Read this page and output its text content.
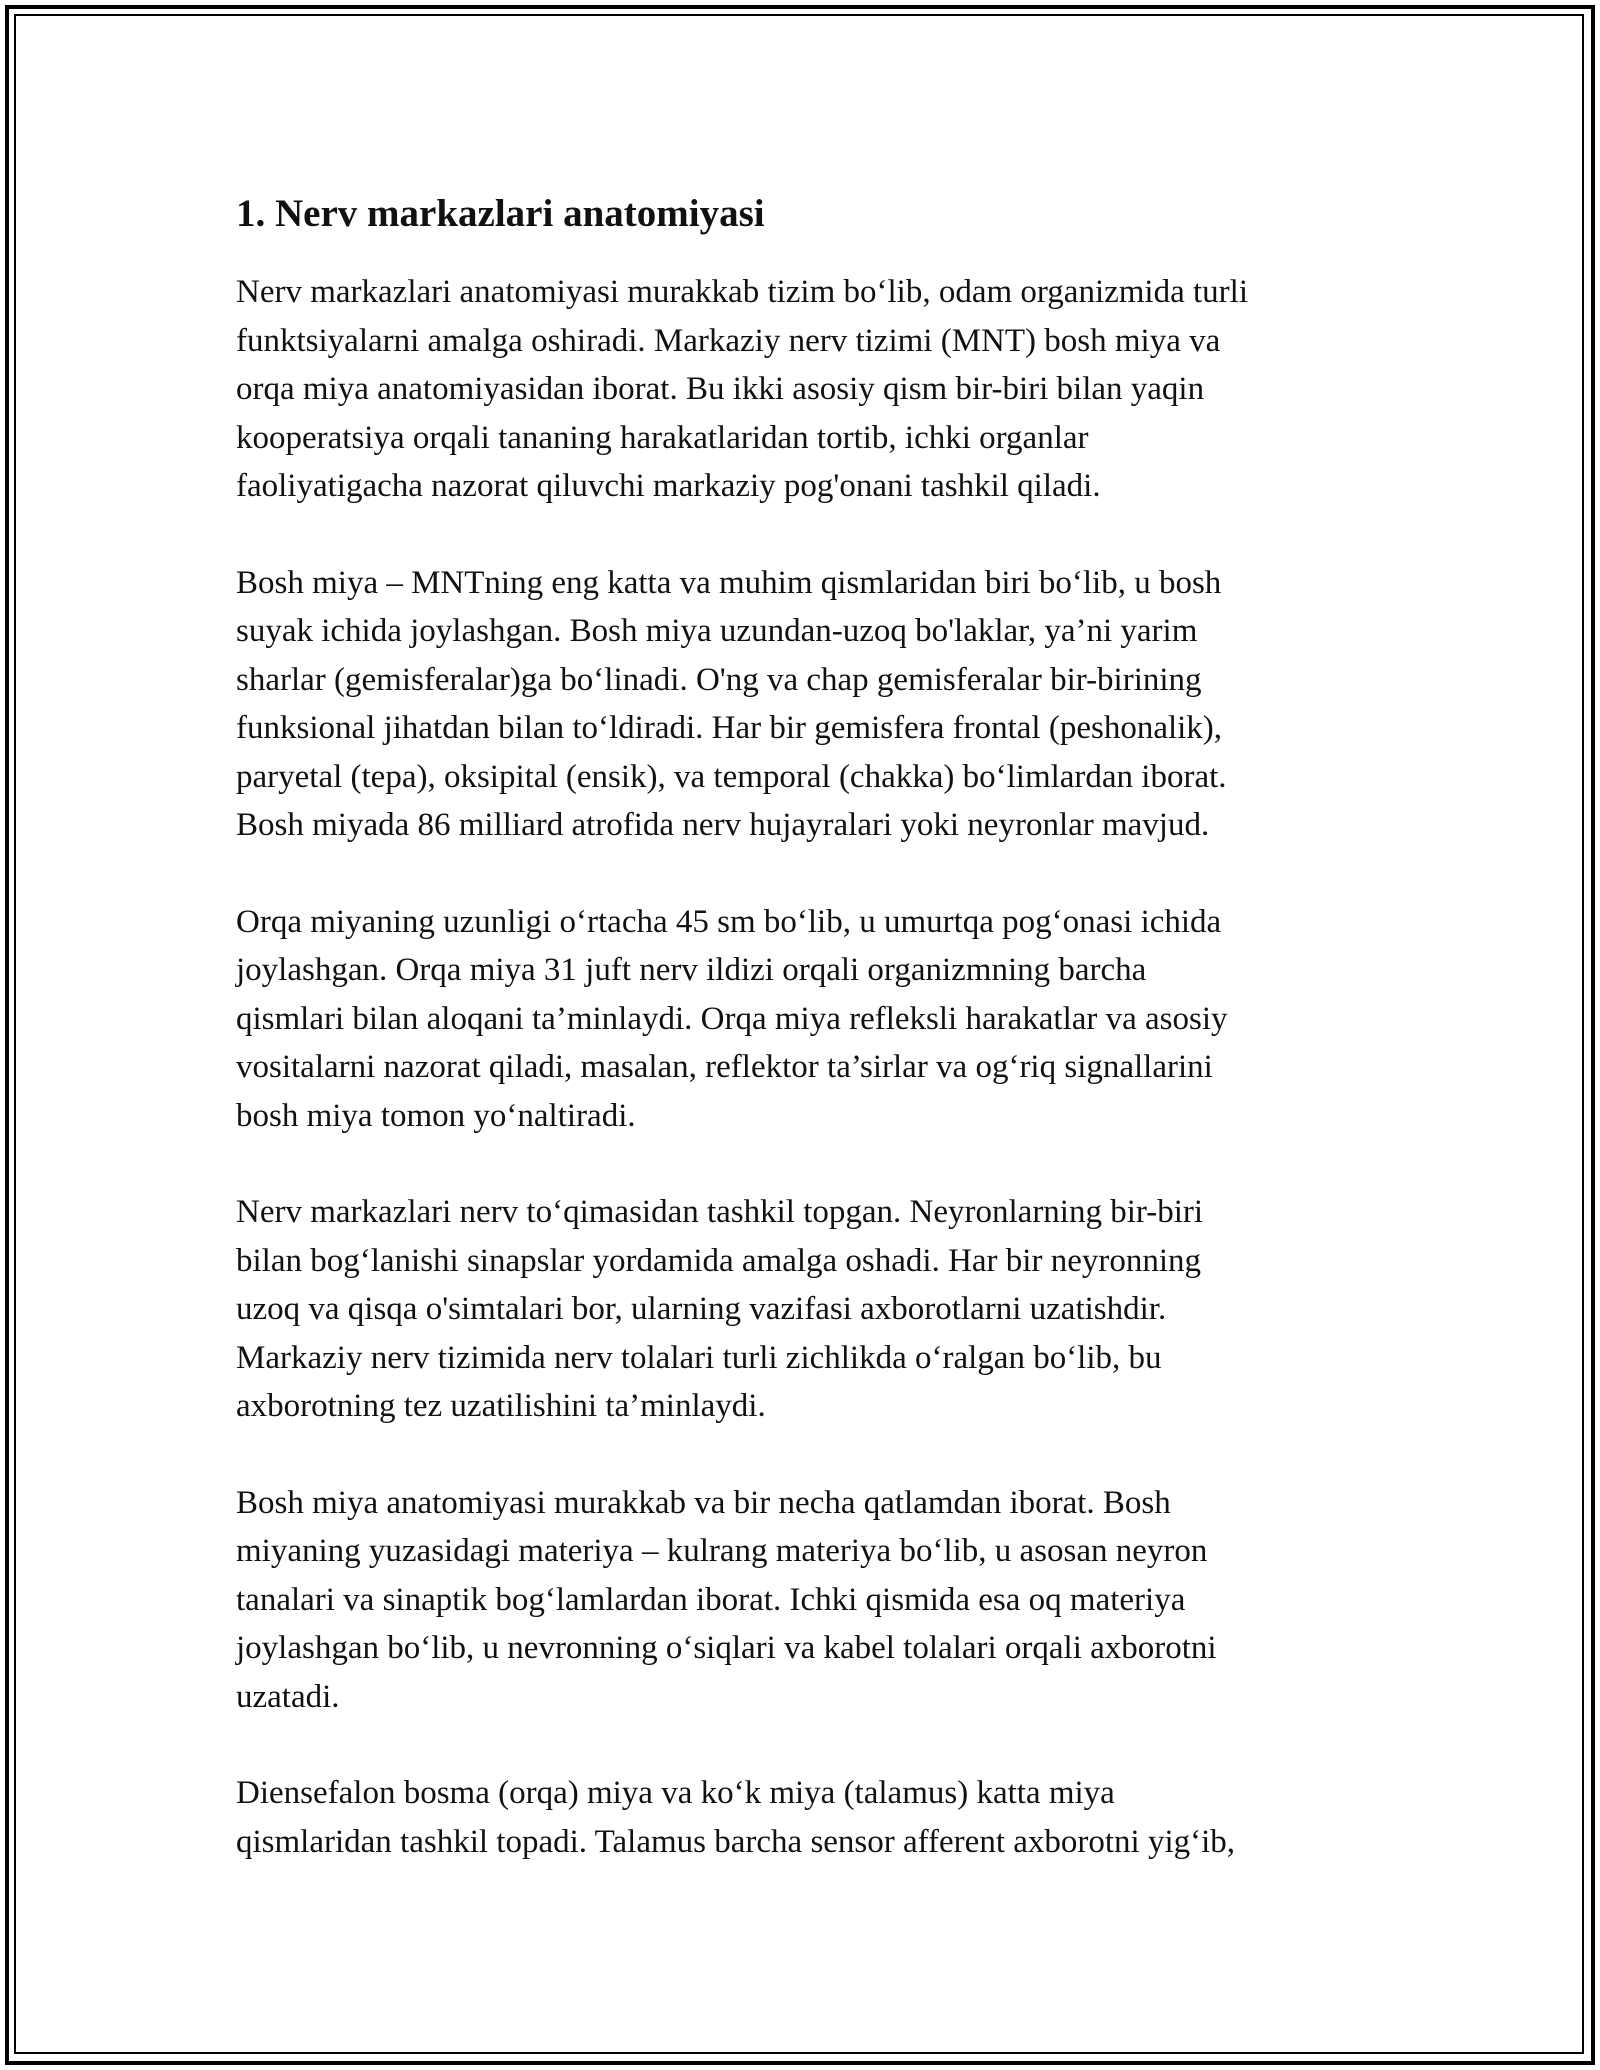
1. Nerv markazlari anatomiyasi

Nerv markazlari anatomiyasi murakkab tizim bo‘lib, odam organizmida turli
funktsiyalarni amalga oshiradi. Markaziy nerv tizimi (MNT) bosh miya va
orqa miya anatomiyasidan iborat. Bu ikki asosiy qism bir-biri bilan yaqin
kooperatsiya orqali tananing harakatlaridan tortib, ichki organlar
faoliyatigacha nazorat qiluvchi markaziy pog'onani tashkil qiladi.

Bosh miya – MNTning eng katta va muhim qismlaridan biri bo‘lib, u bosh
suyak ichida joylashgan. Bosh miya uzundan-uzoq bo'laklar, ya’ni yarim
sharlar (gemisferalar)ga bo‘linadi. O'ng va chap gemisferalar bir-birining
funksional jihatdan bilan to‘ldiradi. Har bir gemisfera frontal (peshonalik),
paryetal (tepa), oksipital (ensik), va temporal (chakka) bo‘limlardan iborat.
Bosh miyada 86 milliard atrofida nerv hujayralari yoki neyronlar mavjud.

Orqa miyaning uzunligi o‘rtacha 45 sm bo‘lib, u umurtqa pog‘onasi ichida
joylashgan. Orqa miya 31 juft nerv ildizi orqali organizmning barcha
qismlari bilan aloqani ta’minlaydi. Orqa miya refleksli harakatlar va asosiy
vositalarni nazorat qiladi, masalan, reflektor ta’sirlar va og‘riq signallarini
bosh miya tomon yo‘naltiradi.

Nerv markazlari nerv to‘qimasidan tashkil topgan. Neyronlarning bir-biri
bilan bog‘lanishi sinapslar yordamida amalga oshadi. Har bir neyronning
uzoq va qisqa o'simtalari bor, ularning vazifasi axborotlarni uzatishdir.
Markaziy nerv tizimida nerv tolalari turli zichlikda o‘ralgan bo‘lib, bu
axborotning tez uzatilishini ta’minlaydi.

Bosh miya anatomiyasi murakkab va bir necha qatlamdan iborat. Bosh
miyaning yuzasidagi materiya – kulrang materiya bo‘lib, u asosan neyron
tanalari va sinaptik bog‘lamlardan iborat. Ichki qismida esa oq materiya
joylashgan bo‘lib, u nevronning o‘siqlari va kabel tolalari orqali axborotni
uzatadi.

Diensefalon bosma (orqa) miya va ko‘k miya (talamus) katta miya
qismlaridan tashkil topadi. Talamus barcha sensor afferent axborotni yig‘ib,
